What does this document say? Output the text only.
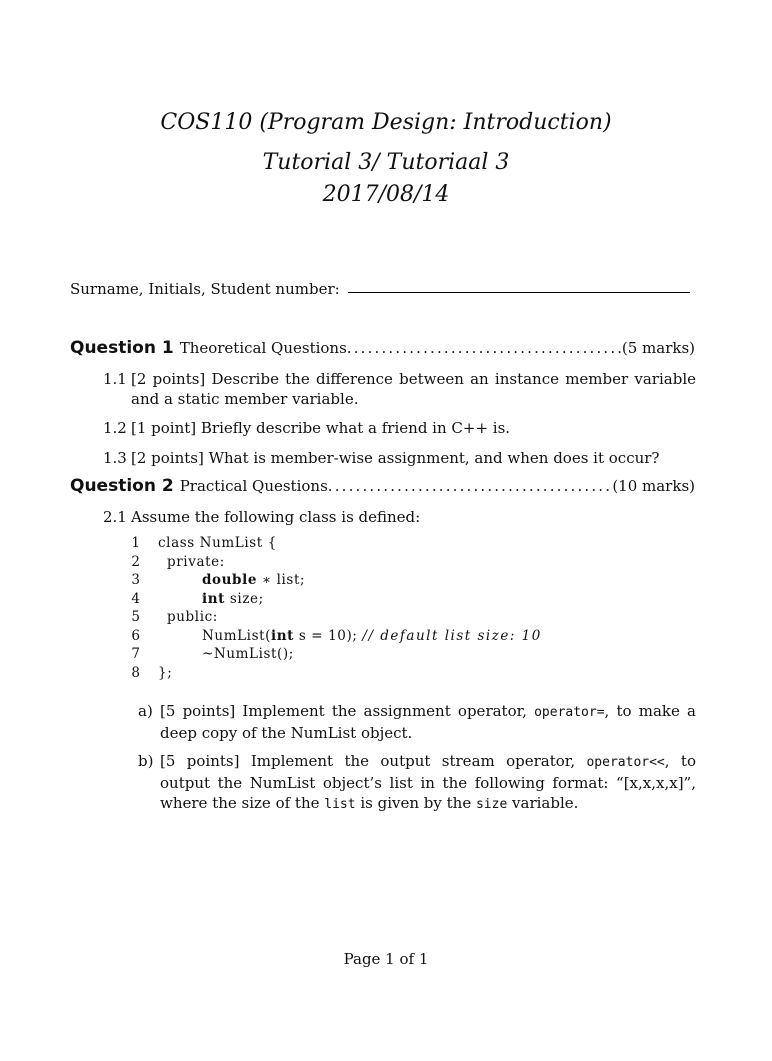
COS110 (Program Design: Introduction)
Tutorial 3/ Tutoriaal 3
2017/08/14
Surname, Initials, Student number:
Question 1 Theoretical Questions . . .	(5 marks)
1.1 [2 points] Describe the difference between an instance member variable and a static member variable.
1.2 [1 point] Briefly describe what a friend in C++ is.
1.3 [2 points] What is member-wise assignment, and when does it occur?
Question 2 Practical Questions . . .	(10 marks)
2.1 Assume the following class is defined:
1 class NumList {
2 private:
3	double ∗ list;
4	int size;
5 public:
6	NumList(int s = 10); // default list size: 10
7	~NumList();
8 };
a) [5 points] Implement the assignment operator, operator=, to make a deep copy of the NumList object.
b) [5 points] Implement the output stream operator, operator<<, to output the NumList object’s list in the following format: “[x,x,x,x]”, where the size of the list is given by the size variable.
Page 1 of 1
